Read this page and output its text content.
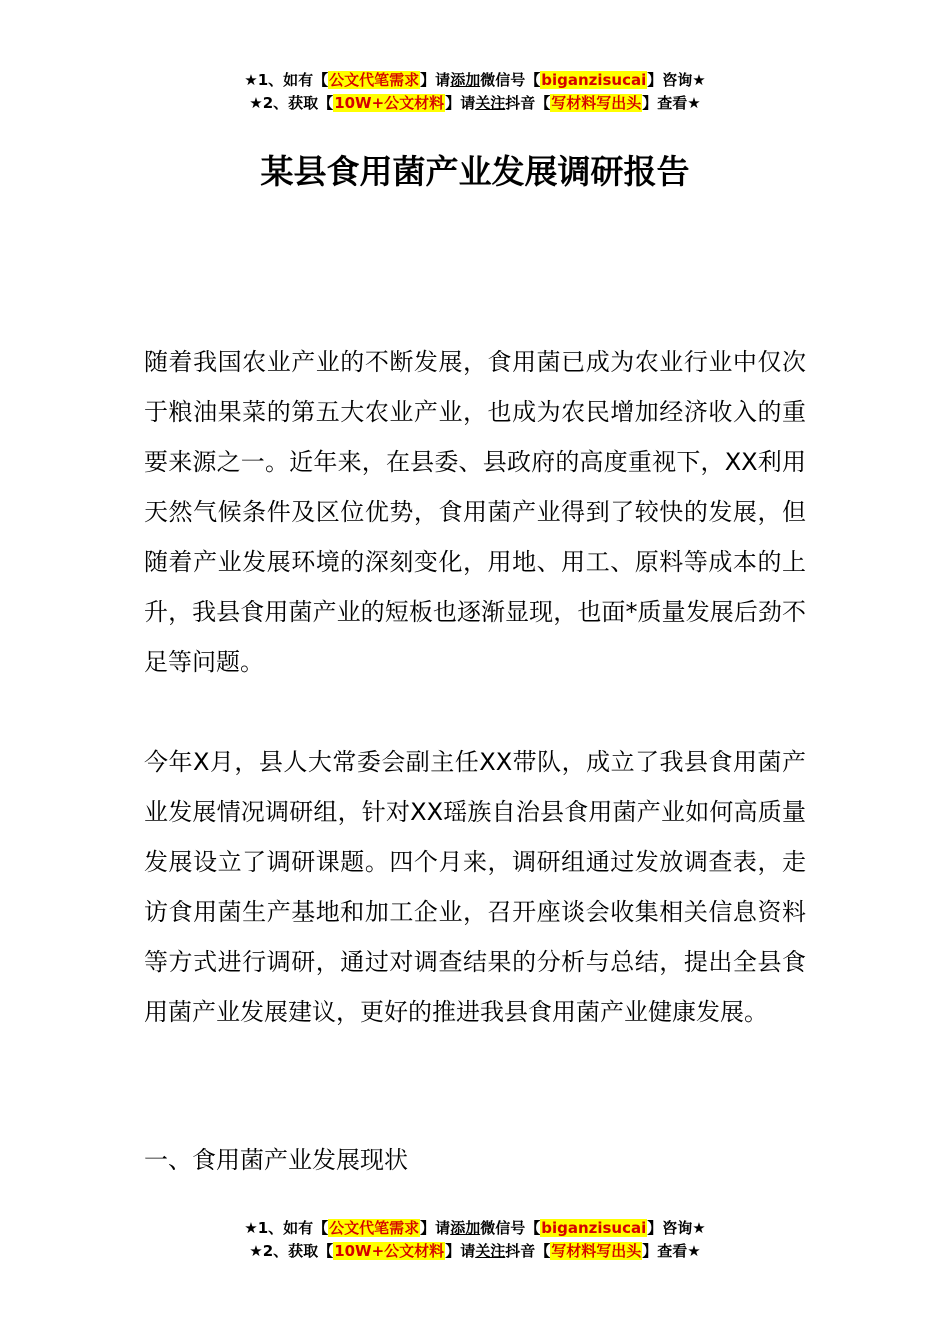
★1、如有【公文代笔需求】请添加微信号【biganzisucai】咨询★
★2、获取【10W+公文材料】请关注抖音【写材料写出头】查看★
某县食用菌产业发展调研报告

随着我国农业产业的不断发展，食用菌已成为农业行业中仅次于粮油果菜的第五大农业产业，也成为农民增加经济收入的重要来源之一。近年来，在县委、县政府的高度重视下，XX利用天然气候条件及区位优势，食用菌产业得到了较快的发展，但随着产业发展环境的深刻变化，用地、用工、原料等成本的上升，我县食用菌产业的短板也逐渐显现，也面*质量发展后劲不足等问题。

今年X月，县人大常委会副主任XX带队，成立了我县食用菌产业发展情况调研组，针对XX瑶族自治县食用菌产业如何高质量发展设立了调研课题。四个月来，调研组通过发放调查表，走访食用菌生产基地和加工企业，召开座谈会收集相关信息资料等方式进行调研，通过对调查结果的分析与总结，提出全县食用菌产业发展建议，更好的推进我县食用菌产业健康发展。

一、食用菌产业发展现状

★1、如有【公文代笔需求】请添加微信号【biganzisucai】咨询★
★2、获取【10W+公文材料】请关注抖音【写材料写出头】查看★
